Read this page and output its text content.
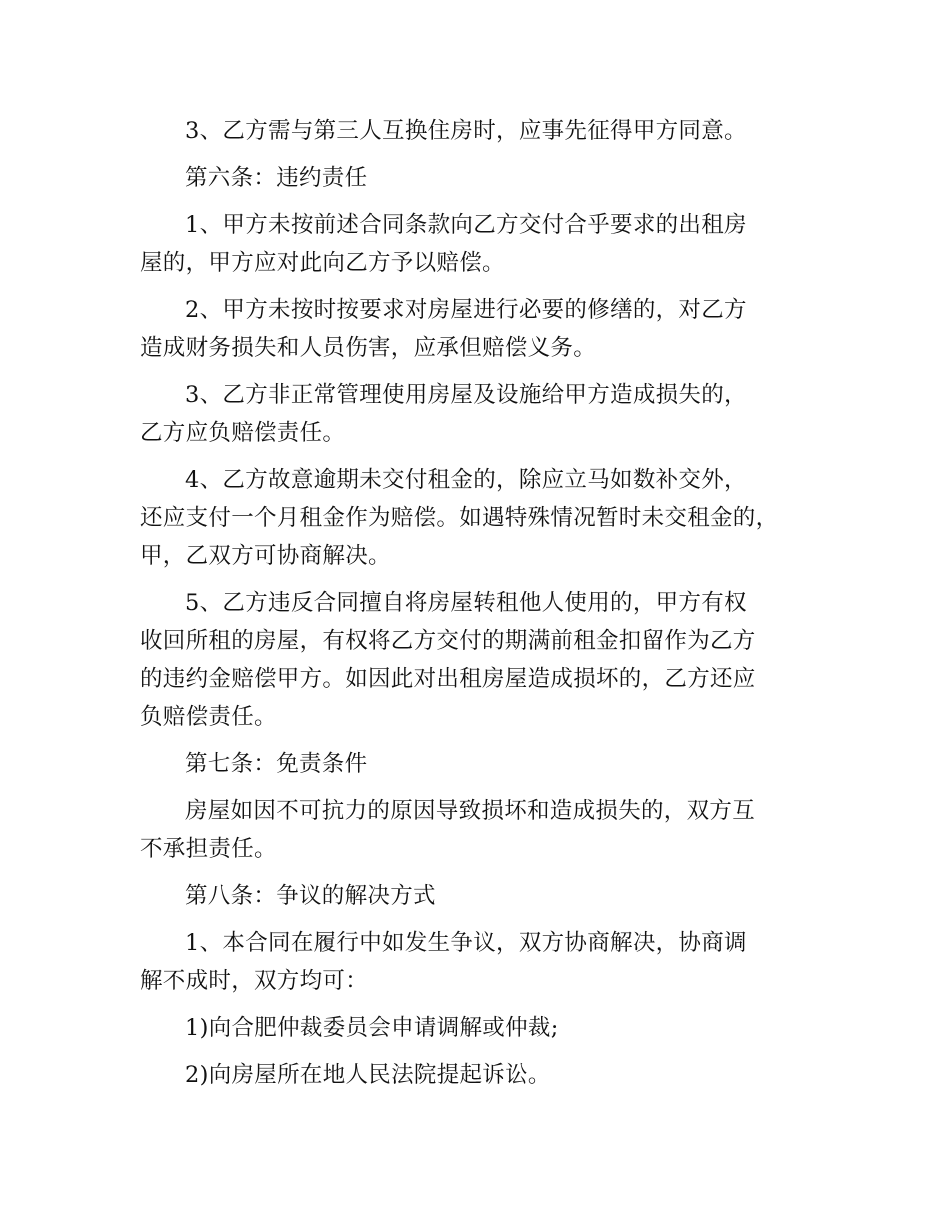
3、乙方需与第三人互换住房时，应事先征得甲方同意。

第六条：违约责任

1、甲方未按前述合同条款向乙方交付合乎要求的出租房
屋的，甲方应对此向乙方予以赔偿。

2、甲方未按时按要求对房屋进行必要的修缮的，对乙方
造成财务损失和人员伤害，应承但赔偿义务。

3、乙方非正常管理使用房屋及设施给甲方造成损失的，
乙方应负赔偿责任。

4、乙方故意逾期未交付租金的，除应立马如数补交外，
还应支付一个月租金作为赔偿。如遇特殊情况暂时未交租金的，
甲，乙双方可协商解决。

5、乙方违反合同擅自将房屋转租他人使用的，甲方有权
收回所租的房屋，有权将乙方交付的期满前租金扣留作为乙方
的违约金赔偿甲方。如因此对出租房屋造成损坏的，乙方还应
负赔偿责任。

第七条：免责条件

房屋如因不可抗力的原因导致损坏和造成损失的，双方互
不承担责任。

第八条：争议的解决方式

1、本合同在履行中如发生争议，双方协商解决，协商调
解不成时，双方均可：

1)向合肥仲裁委员会申请调解或仲裁;

2)向房屋所在地人民法院提起诉讼。
